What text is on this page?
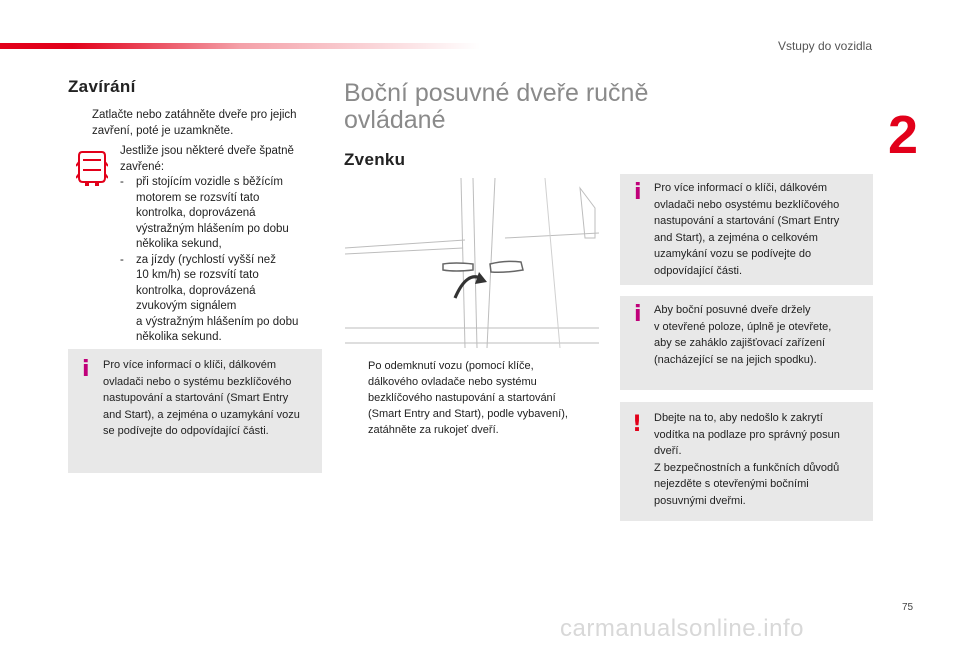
Vstupy do vozidla
2
Zavírání
Zatlačte nebo zatáhněte dveře pro jejich zavření, poté je uzamkněte.
Jestliže jsou některé dveře špatně
zavřené:
- při stojícím vozidle s běžícím
motorem se rozsvítí tato
kontrolka, doprovázená
výstražným hlášením po dobu
několika sekund,
- za jízdy (rychlostí vyšší než
10 km/h) se rozsvítí tato
kontrolka, doprovázená
zvukovým signálem
a výstražným hlášením po dobu
několika sekund.
i Pro více informací o klíči, dálkovém
ovladači nebo o systému bezklíčového
nastupování a startování (Smart Entry
and Start), a zejména o uzamykání vozu
se podívejte do odpovídající části.
Boční posuvné dveře ručně
ovládané
Zvenku
Po odemknutí vozu (pomocí klíče,
dálkového ovladače nebo systému
bezklíčového nastupování a startování
(Smart Entry and Start), podle vybavení),
zatáhněte za rukojeť dveří.
i Pro více informací o klíči, dálkovém
ovladači nebo osystému bezklíčového
nastupování a startování (Smart Entry
and Start), a zejména o celkovém
uzamykání vozu se podívejte do
odpovídající části.
i Aby boční posuvné dveře držely
v otevřené poloze, úplně je otevřete,
aby se zaháklo zajišťovací zařízení
(nacházející se na jejich spodku).
! Dbejte na to, aby nedošlo k zakrytí
vodítka na podlaze pro správný posun
dveří.
Z bezpečnostních a funkčních důvodů
nejezděte s otevřenými bočními
posuvnými dveřmi.
75
carmanualsonline.info
